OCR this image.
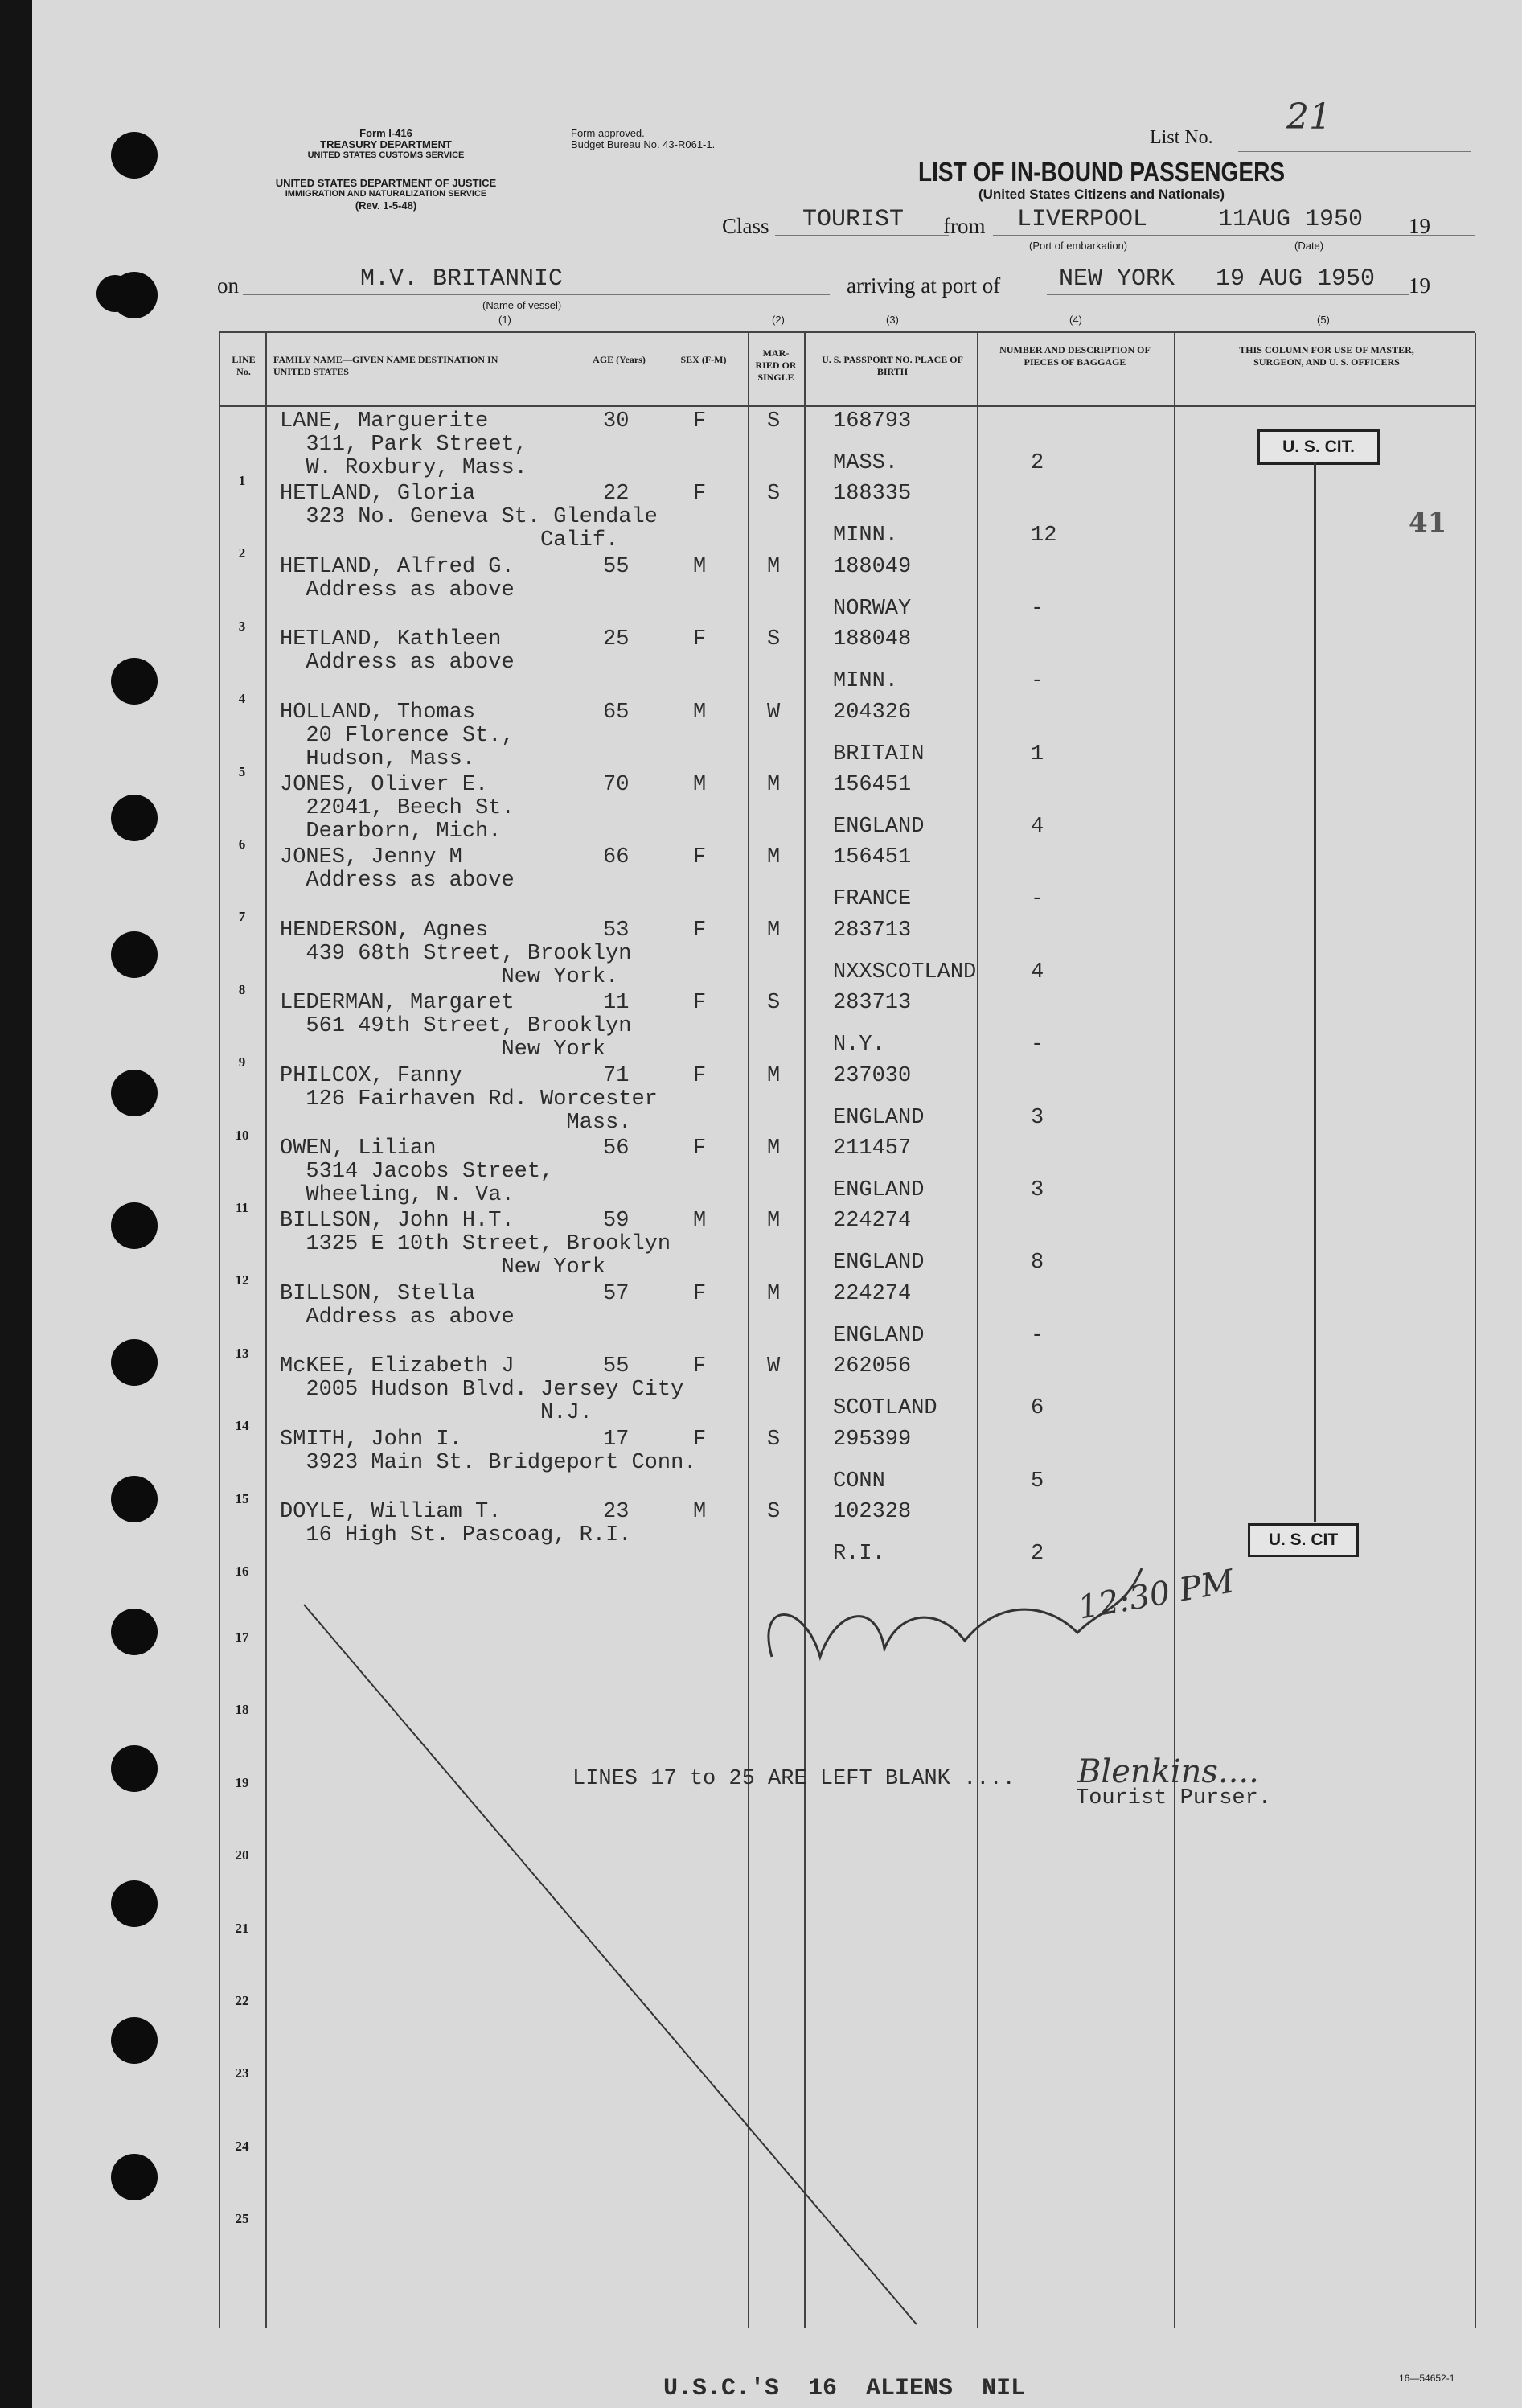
Form I-416
TREASURY DEPARTMENT
UNITED STATES CUSTOMS SERVICE
UNITED STATES DEPARTMENT OF JUSTICE
IMMIGRATION AND NATURALIZATION SERVICE
(Rev. 1-5-48)
Form approved.
Budget Bureau No. 43-R061-1.	List No. 21
LIST OF IN-BOUND PASSENGERS
(United States Citizens and Nationals)
Class TOURIST from LIVERPOOL	11AUG 1950 19
(Port of embarkation)	(Date)
on	M.V. BRITANNIC
(Name of vessel)
arriving at port of NEW YORK 19 AUG 1950 19
(1)	(2)	(3)	(4)	(5)
LINE No.
FAMILY NAME—GIVEN NAME DESTINATION IN UNITED STATES
AGE (Years)	SEX (F-M)
MAR-RIED OR SINGLE
U. S. PASSPORT NO. PLACE OF BIRTH
NUMBER AND DESCRIPTION OF PIECES OF BAGGAGE
THIS COLUMN FOR USE OF MASTER, SURGEON, AND U. S. OFFICERS
1
LANE, Marguerite
311, Park Street,
W. Roxbury, Mass.
30	F	S 168793
MASS.	2
2
HETLAND, Gloria
323 No. Geneva St. Glendale
Calif.
22	F	S 188335
MINN.	12
3
HETLAND, Alfred G.
Address as above
55	M	M 188049
NORWAY	-
4
HETLAND, Kathleen
Address as above
25	F	S 188048
MINN.	-
5
HOLLAND, Thomas
20 Florence St.,
Hudson, Mass.
65	M	W 204326
BRITAIN	1
6
JONES, Oliver E.
22041, Beech St.
Dearborn, Mich.
70	M	M 156451
ENGLAND	4
7
JONES, Jenny M
Address as above
66	F	M 156451
FRANCE	-
8
HENDERSON, Agnes
439 68th Street, Brooklyn
New York.
53	F	M 283713
NXXSCOTLAND	4
9
LEDERMAN, Margaret
561 49th Street, Brooklyn
New York
11	F	S 283713
N.Y.	-
10
PHILCOX, Fanny
126 Fairhaven Rd. Worcester
Mass.
71	F	M 237030
ENGLAND	3
11
OWEN, Lilian
5314 Jacobs Street,
Wheeling, N. Va.
56	F	M 211457
ENGLAND	3
12
BILLSON, John H.T.
1325 E 10th Street, Brooklyn
New York
59	M	M 224274
ENGLAND	8
13
BILLSON, Stella
Address as above
57	F	M 224274
ENGLAND	-
14
McKEE, Elizabeth J
2005 Hudson Blvd. Jersey City
N.J.
55	F	W 262056
SCOTLAND	6
15
SMITH, John I.
3923 Main St. Bridgeport Conn.
17	F	S 295399
CONN	5
16
DOYLE, William T.
16 High St. Pascoag, R.I.
23	M	S 102328
R.I.	2
17
18
19
20
21
22
23
24
25
U. S. CIT.
U. S. CIT
41
LINES 17 to 25 ARE LEFT BLANK .... Blenkins....
Tourist Purser.
12:30 PM
U.S.C.'S  16  ALIENS  NIL	16—54652-1
